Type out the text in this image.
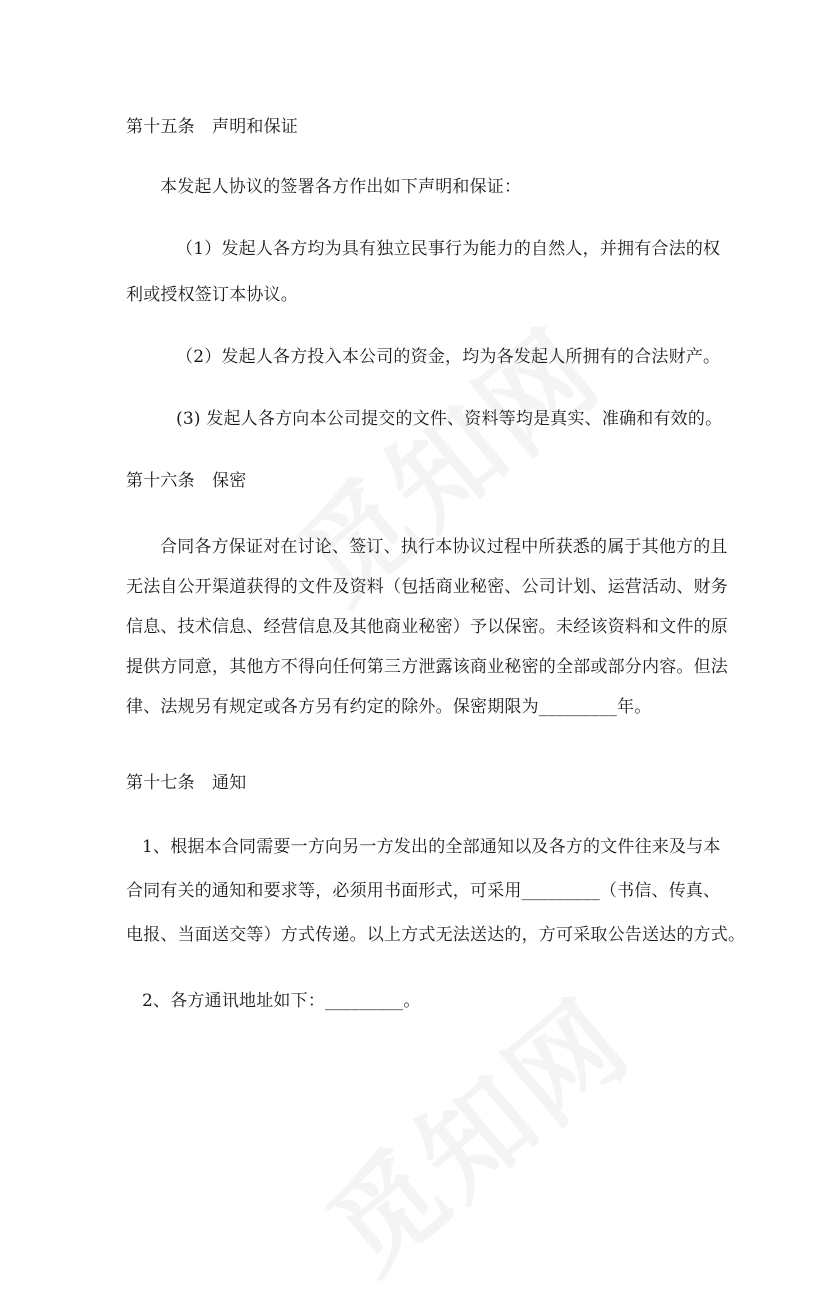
第十五条　声明和保证
本发起人协议的签署各方作出如下声明和保证：
（1）发起人各方均为具有独立民事行为能力的自然人，并拥有合法的权
利或授权签订本协议。
（2）发起人各方投入本公司的资金，均为各发起人所拥有的合法财产。
(3) 发起人各方向本公司提交的文件、资料等均是真实、准确和有效的。
第十六条　保密
合同各方保证对在讨论、签订、执行本协议过程中所获悉的属于其他方的且
无法自公开渠道获得的文件及资料（包括商业秘密、公司计划、运营活动、财务
信息、技术信息、经营信息及其他商业秘密）予以保密。未经该资料和文件的原
提供方同意，其他方不得向任何第三方泄露该商业秘密的全部或部分内容。但法
律、法规另有规定或各方另有约定的除外。保密期限为_________年。
第十七条　通知
1、根据本合同需要一方向另一方发出的全部通知以及各方的文件往来及与本
合同有关的通知和要求等，必须用书面形式，可采用_________（书信、传真、
电报、当面送交等）方式传递。以上方式无法送达的，方可采取公告送达的方式。
2、各方通讯地址如下：_________。
